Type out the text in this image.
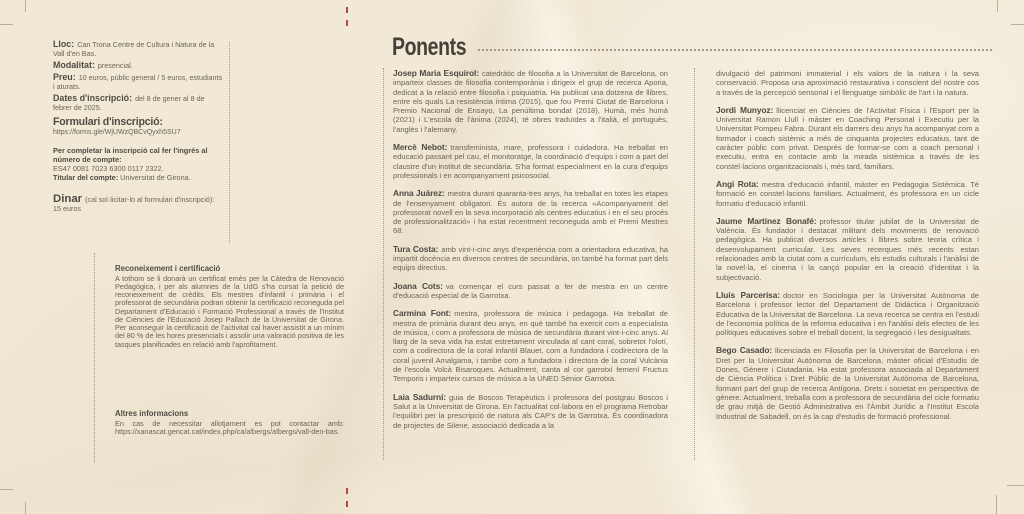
Lloc: Can Trona Centre de Cultura i Natura de la Vall d'en Bas.

Modalitat: presencial.

Preu: 10 euros, públic general / 5 euros, estudiants i aturats.

Dates d'inscripció: del 8 de gener al 8 de febrer de 2025.

Formulari d'inscripció:

https://forms.gle/WjUWzQBCvQyxh5SU7

Per completar la inscripció cal fer l'ingrés al número de compte:

ES47 0081 7023 6300 0117 2322.

Titular del compte: Universitat de Girona.

Dinar (cal sol·licitar-lo al formulari d'inscripció): 15 euros

Reconeixement i certificació

A tothom se li donarà un certificat emès per la Càtedra de Renovació Pedagògica, i per als alumnes de la UdG s'ha cursat la petició de reconeixement de crèdits. Els mestres d'infantil i primària i el professorat de secundària podran obtenir la certificació reconeguda pel Departament d'Educació i Formació Professional a través de l'Institut de Ciències de l'Educació Josep Pallach de la Universitat de Girona. Per aconseguir la certificació de l'activitat cal haver assistit a un mínim del 80 % de les hores presencials i assolir una valoració positiva de les tasques planificades en relació amb l'aprofitament.

Altres informacions

En cas de necessitar allotjament es pot contactar amb: https://xanascat.gencat.cat/index.php/ca/albergs/albergs/vall-den-bas.

Ponents

Josep Maria Esquirol: catedràtic de filosofia a la Universitat de Barcelona, on imparteix classes de filosofia contemporània i dirigeix el grup de recerca Aporia, dedicat a la relació entre filosofia i psiquiatria. Ha publicat una dotzena de llibres, entre els quals La resistència íntima (2015), que fou Premi Ciutat de Barcelona i Premio Nacional de Ensayo, La penúltima bondat (2018), Humà, més humà (2021) i L'escola de l'ànima (2024), té obres traduïdes a l'italià, el portuguès, l'anglès i l'alemany.

Mercè Nebot: transfeminista, mare, professora i cuidadora. Ha treballat en educació passant pel cau, el monitoratge, la coordinació d'equips i com a part del claustre d'un institut de secundària. S'ha format especialment en la cura d'equips professionals i en acompanyament psicosocial.

Anna Juárez: mestra durant quaranta-tres anys, ha treballat en totes les etapes de l'ensenyament obligatori. És autora de la recerca «Acompanyament del professorat novell en la seva incorporació als centres educatius i en el seu procés de professionalització» i ha estat recentment reconeguda amb el Premi Mestres 68.

Tura Costa: amb vint-i-cinc anys d'experiència com a orientadora educativa, ha impartit docència en diversos centres de secundària, on també ha format part dels equips directius.

Joana Cots: va començar el curs passat a fer de mestra en un centre d'educació especial de la Garrotxa.

Carmina Font: mestra, professora de música i pedagoga. Ha treballat de mestra de primària durant deu anys, en què també ha exercit com a especialista de música, i com a professora de música de secundària durant vint-i-cinc anys. Al llarg de la seva vida ha estat estretament vinculada al cant coral, sobretot l'olotí, com a codirectora de la coral infantil Blauet, com a fundadora i codirectora de la coral juvenil Amalgama, i també com a fundadora i directora de la coral Vulcània de l'escola Volcà Bisaroques. Actualment, canta al cor garrotxí femení Fructus Temporis i imparteix cursos de música a la UNED Sènior Garrotxa.

Laia Sadurní: guia de Boscos Terapèutics i professora del postgrau Boscos i Salut a la Universitat de Girona. En l'actualitat col·labora en el programa Retrobar l'equilibri per la prescripció de natura als CAP's de la Garrotxa. És coordinadora de projectes de Silene, associació dedicada a la

divulgació del patrimoni immaterial i els valors de la natura i la seva conservació. Proposa una aproximació restaurativa i conscient del nostre cos a través de la percepció sensorial i el llenguatge simbòlic de l'art i la natura.

Jordi Munyoz: llicenciat en Ciències de l'Activitat Física i l'Esport per la Universitat Ramon Llull i màster en Coaching Personal i Executiu per la Universitat Pompeu Fabra. Durant els darrers deu anys ha acompanyat com a formador i coach sistèmic a més de cinquanta projectes educatius, tant de caràcter públic com privat. Després de formar-se com a coach personal i executiu, entra en contacte amb la mirada sistèmica a través de les constel·lacions organitzacionals i, més tard, familiars.

Angi Rota: mestra d'educació infantil, màster en Pedagogia Sistèmica. Té formació en constel·lacions familiars. Actualment, és professora en un cicle formatiu d'educació infantil.

Jaume Martinez Bonafé: professor titular jubilat de la Universitat de València. És fundador i destacat militant dels moviments de renovació pedagògica. Ha publicat diversos articles i llibres sobre teoria crítica i desenvolupament curricular. Les seves recerques més recents estan relacionades amb la ciutat com a currículum, els estudis culturals i l'anàlisi de la novel·la, el cinema i la cançó popular en la creació d'identitat i la subjectivació.

Lluís Parcerisa: doctor en Sociologia per la Universitat Autònoma de Barcelona i professor lector del Departament de Didàctica i Organització Educativa de la Universitat de Barcelona. La seva recerca se centra en l'estudi de l'economia política de la reforma educativa i en l'anàlisi dels efectes de les polítiques educatives sobre el treball docent, la segregació i les desigualtats.

Bego Casado: llicenciada en Filosofia per la Universitat de Barcelona i en Dret per la Universitat Autònoma de Barcelona, màster oficial d'Estudis de Dones, Gènere i Ciutadania. Ha estat professora associada al Departament de Ciència Política i Dret Públic de la Universitat Autònoma de Barcelona, formant part del grup de recerca Antígona. Drets i societat en perspectiva de gènere. Actualment, treballa com a professora de secundària del cicle formatiu de grau mitjà de Gestió Administrativa en l'Àmbit Jurídic a l'Institut Escola Industrial de Sabadell, on és la cap d'estudis de formació professional.
